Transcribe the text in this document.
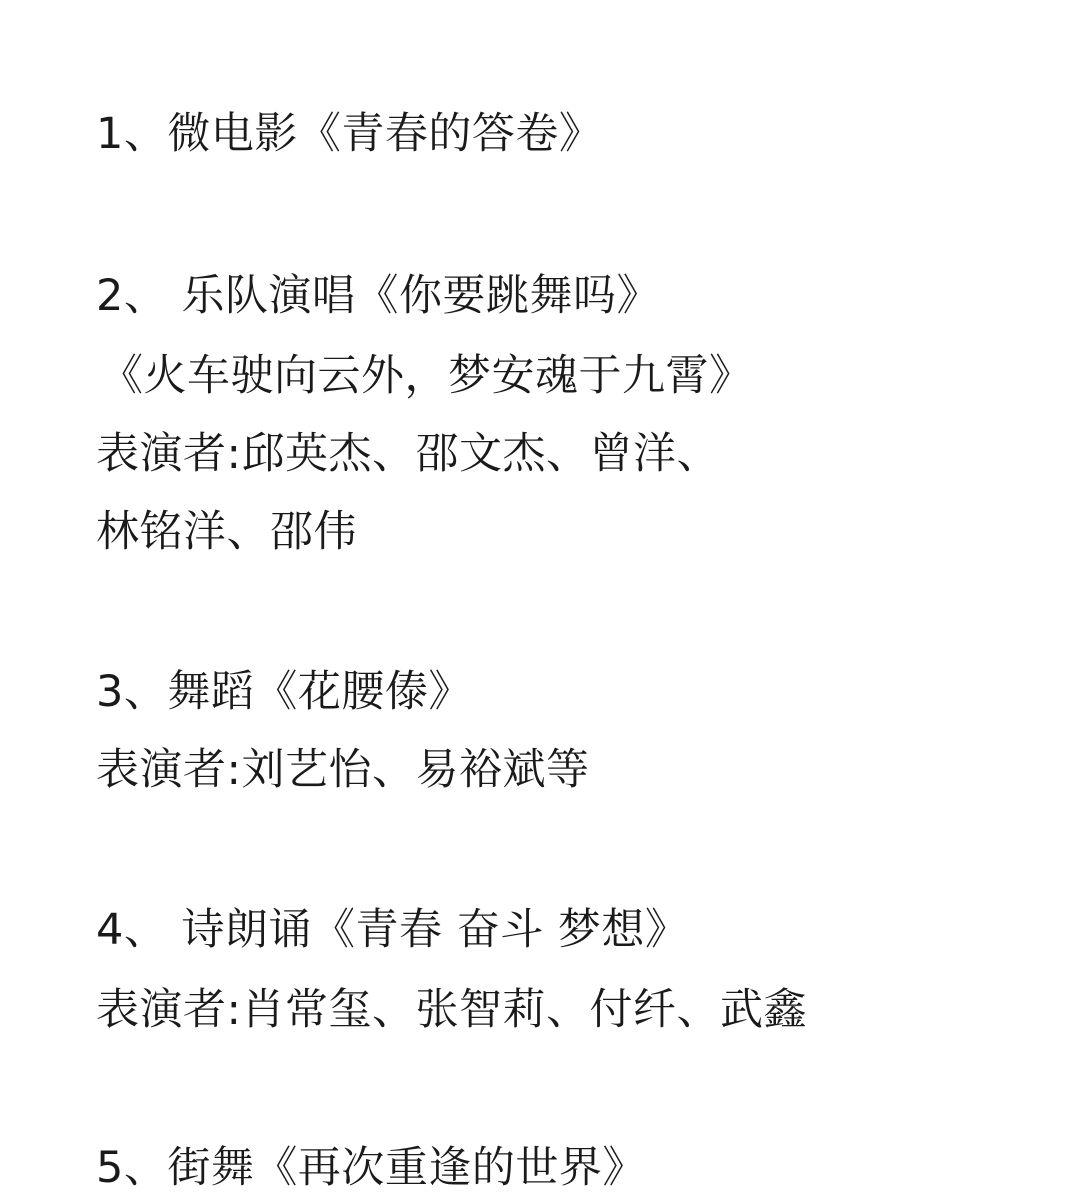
1、微电影《青春的答卷》
2、 乐队演唱《你要跳舞吗》
《火车驶向云外，梦安魂于九霄》
表演者:邱英杰、邵文杰、曾洋、
林铭洋、邵伟
3、舞蹈《花腰傣》
表演者:刘艺怡、易裕斌等
4、 诗朗诵《青春 奋斗 梦想》
表演者:肖常玺、张智莉、付纤、武鑫
5、街舞《再次重逢的世界》
